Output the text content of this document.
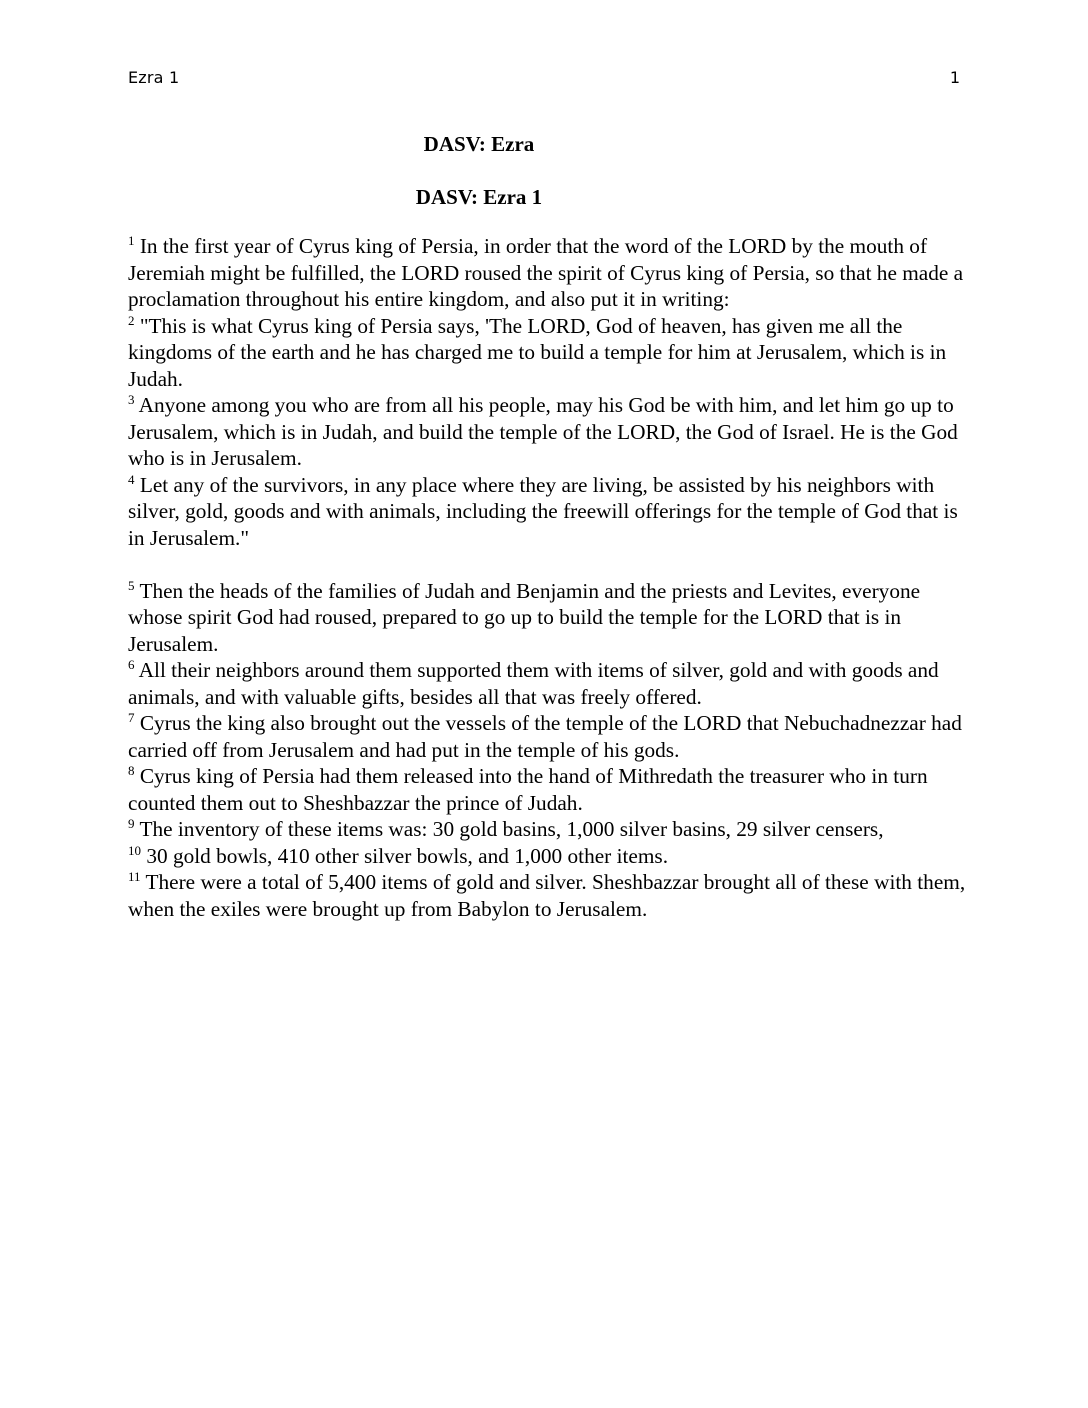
Ezra 1	1
DASV: Ezra
DASV: Ezra 1

$^1$ In the first year of Cyrus king of Persia, in order that the word of the LORD by the mouth of Jeremiah might be fulfilled, the LORD roused the spirit of Cyrus king of Persia, so that he made a proclamation throughout his entire kingdom, and also put it in writing:

$^2$ "This is what Cyrus king of Persia says, 'The LORD, God of heaven, has given me all the kingdoms of the earth and he has charged me to build a temple for him at Jerusalem, which is in Judah.

$^3$ Anyone among you who are from all his people, may his God be with him, and let him go up to Jerusalem, which is in Judah, and build the temple of the LORD, the God of Israel. He is the God who is in Jerusalem.

$^4$ Let any of the survivors, in any place where they are living, be assisted by his neighbors with silver, gold, goods and with animals, including the freewill offerings for the temple of God that is in Jerusalem."

$^5$ Then the heads of the families of Judah and Benjamin and the priests and Levites, everyone whose spirit God had roused, prepared to go up to build the temple for the LORD that is in Jerusalem.

$^6$ All their neighbors around them supported them with items of silver, gold and with goods and animals, and with valuable gifts, besides all that was freely offered.

$^7$ Cyrus the king also brought out the vessels of the temple of the LORD that Nebuchadnezzar had carried off from Jerusalem and had put in the temple of his gods.

$^8$ Cyrus king of Persia had them released into the hand of Mithredath the treasurer who in turn counted them out to Sheshbazzar the prince of Judah.

$^9$ The inventory of these items was: 30 gold basins, 1,000 silver basins, 29 silver censers,

$^{10}$ 30 gold bowls, 410 other silver bowls, and 1,000 other items.

$^{11}$ There were a total of 5,400 items of gold and silver. Sheshbazzar brought all of these with them, when the exiles were brought up from Babylon to Jerusalem.
